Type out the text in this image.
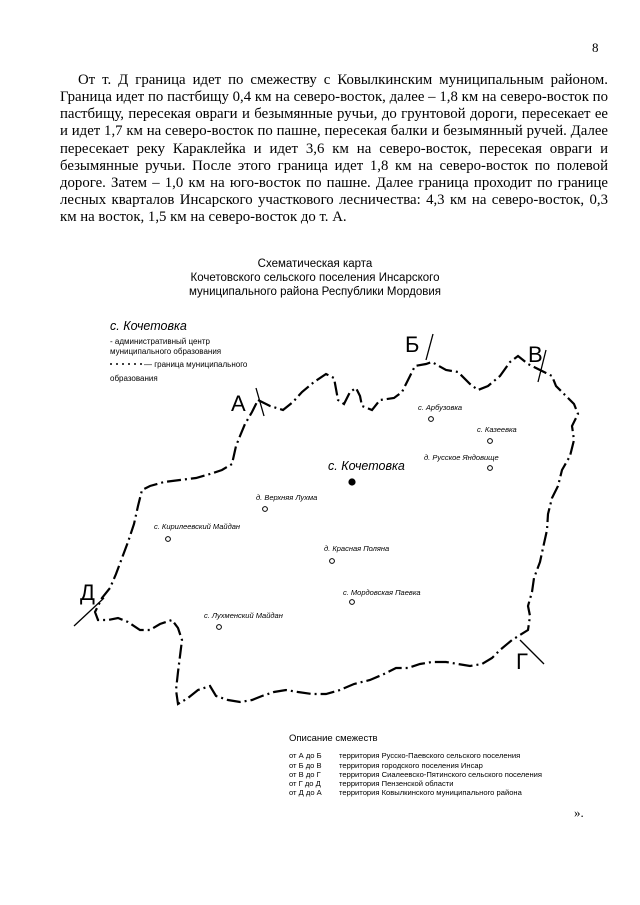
8

От т. Д граница идет по смежеству с Ковылкинским муниципальным районом. Граница идет по пастбищу 0,4 км на северо-восток, далее – 1,8 км на северо-восток по пастбищу, пересекая овраги и безымянные ручьи, до грунтовой дороги, пересекает ее и идет 1,7 км на северо-восток по пашне, пересекая балки и безымянный ручей. Далее пересекает реку Караклейка и идет 3,6 км на северо-восток, пересекая овраги и безымянные ручьи. После этого граница идет 1,8 км на северо-восток по полевой дороге. Затем – 1,0 км на юго-восток по пашне. Далее граница проходит по границе лесных кварталов Инсарского участкового лесничества: 4,3 км на северо-восток, 0,3 км на восток, 1,5 км на северо-восток до т. А.

Схематическая карта
Кочетовского сельского поселения Инсарского
муниципального района Республики Мордовия
А
Б	В
Г
Д
с. Кочетовка
- административный центр
муниципального образования
— граница муниципального
образования
с. Кочетовка
с. Арбузовка
с. Казеевка
д. Русское Яндовище
д. Верхняя Лухма
с. Кирилеевский Майдан
д. Красная Поляна
с. Мордовская Паевка
с. Лухменский Майдан
Описание смежеств
от А до Б	территория Русско-Паевского сельского поселения
от Б до В	территория городского поселения Инсар
от В до Г	территория Сиалеевско-Пятинского сельского поселения
от Г до Д	территория Пензенской области
от Д до А	территория Ковылкинского муниципального района
».
